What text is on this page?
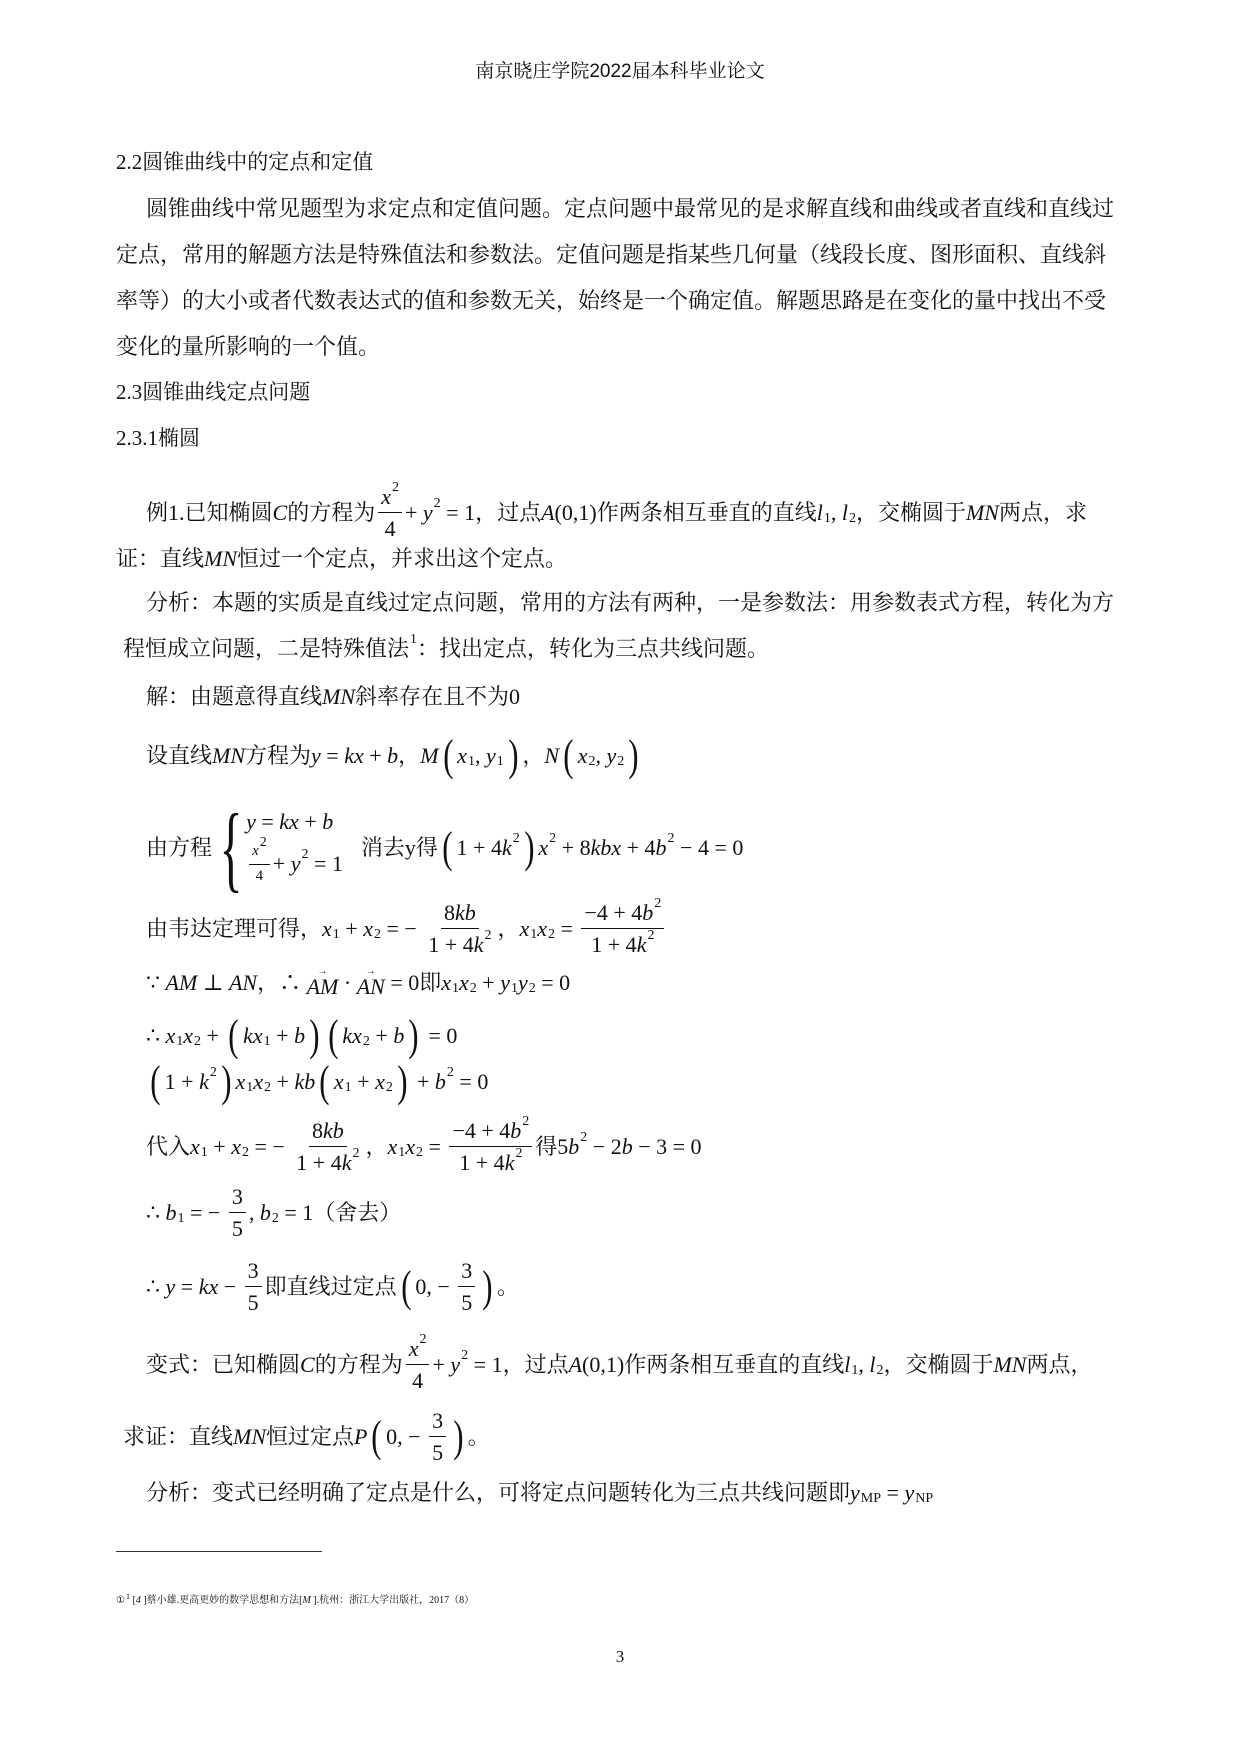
南京晓庄学院2022届本科毕业论文
2.2圆锥曲线中的定点和定值
圆锥曲线中常见题型为求定点和定值问题。定点问题中最常见的是求解直线和曲线或者直线和直线过
定点，常用的解题方法是特殊值法和参数法。定值问题是指某些几何量（线段长度、图形面积、直线斜
率等）的大小或者代数表达式的值和参数无关，始终是一个确定值。解题思路是在变化的量中找出不受
变化的量所影响的一个值。
2.3圆锥曲线定点问题
2.3.1椭圆
例1.已知椭圆 C 的方程为 $\frac{x 2}{4} + y$ 2 = 1，过点 A (0,1)作两条相互垂直的直线 l 1 , l 2 ，交椭圆于 MN 两点，求
证：直线 MN 恒过一个定点，并求出这个定点。
分析：本题的实质是直线过定点问题，常用的方法有两种，一是参数法：用参数表式方程，转化为方
程恒成立问题，二是特殊值法 1 ：找出定点，转化为三点共线问题。
解：由题意得直线 MN 斜率存在且不为0
设直线 MN 方程为 y = kx + b ， M ( x 1 , y 1 ) ， N ( x 2 , y 2 )
由方程 { y = kx + b
x
2
4 + y 2 = 1
消去y得 ( 1 + 4 k 2 ) x 2 + 8 kbx + 4 b 2 − 4 = 0
由韦达定理可得， x 1 + x 2 = − $\frac{8 kb}{1 + 4 k 2}$ ， x 1 x $2 = \frac{-4 + 4 b 2}{1 + 4 k 2}$
∵ AM ⊥ AN ，∴ →
AM · →
AN = 0即 x 1 x 2 + y 1 y 2 = 0
∴ x 1 x 2 + ( kx 1 + b ) ( kx 2 + b ) = 0
( 1 + k 2 ) x 1 x 2 + kb ( x 1 + x 2 ) + b 2 = 0
代入 x 1 + x 2 = − $\frac{8 kb}{1 + 4 k 2}$ ， x 1 x $2 = \frac{-4 + 4 b 2}{1 + 4 k 2}$ 得5 b 2 − 2 b − 3 = 0
∴ b 1 = − $\frac{3}{5}$ , b 2 = 1（舍去）
∴ y = kx − $\frac{3}{5}$ 即直线过定点 ( 0, − $\frac{3}{5}$ ) 。
变式：已知椭圆 C 的方程为 $\frac{x 2}{4} + y$ 2 = 1，过点 A (0,1)作两条相互垂直的直线 l 1 , l 2 ，交椭圆于 MN 两点，
求证：直线 MN 恒过定点 P ( 0, − $\frac{3}{5}$ ) 。
分析：变式已经明确了定点是什么，可将定点问题转化为三点共线问题即 y MP = y NP
① 1 [ 4 ]蔡小雄.更高更妙的数学思想和方法[ M ].杭州：浙江大学出版社，2017（8）
3
